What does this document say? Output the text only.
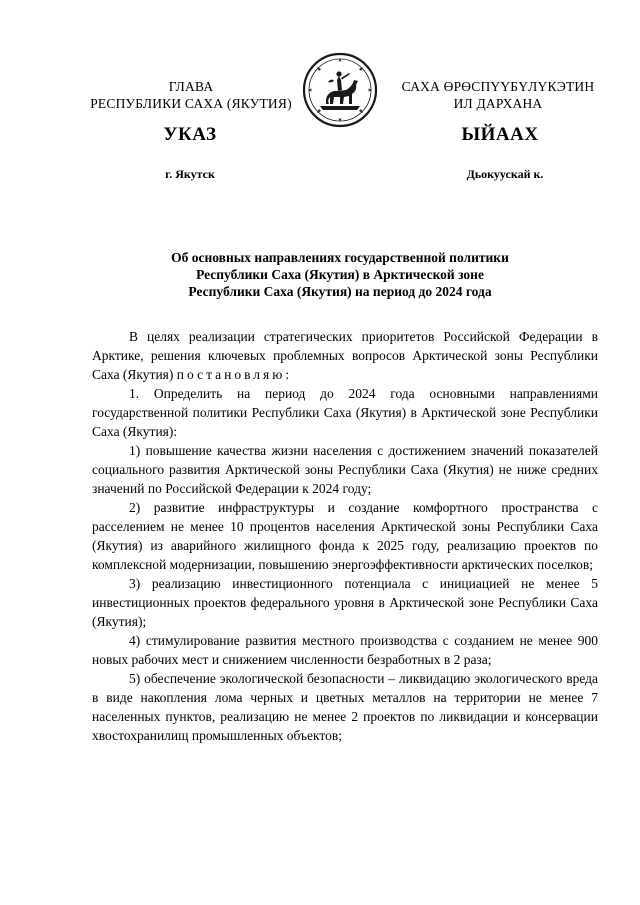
ГЛАВА
РЕСПУБЛИКИ САХА (ЯКУТИЯ)
САХА ӨРӨСПҮҮБҮЛҮКЭТИН
ИЛ ДАРХАНА
УКАЗ	ЫЙААХ
г. Якутск	Дьокуускай к.
Об основных направлениях государственной политики
Республики Саха (Якутия) в Арктической зоне
Республики Саха (Якутия) на период до 2024 года

В целях реализации стратегических приоритетов Российской Федерации в Арктике, решения ключевых проблемных вопросов Арктической зоны Республики Саха (Якутия) постановляю:

1. Определить на период до 2024 года основными направлениями государственной политики Республики Саха (Якутия) в Арктической зоне Республики Саха (Якутия):

1) повышение качества жизни населения с достижением значений показателей социального развития Арктической зоны Республики Саха (Якутия) не ниже средних значений по Российской Федерации к 2024 году;

2) развитие инфраструктуры и создание комфортного пространства с расселением не менее 10 процентов населения Арктической зоны Республики Саха (Якутия) из аварийного жилищного фонда к 2025 году, реализацию проектов по комплексной модернизации, повышению энергоэффективности арктических поселков;

3) реализацию инвестиционного потенциала с инициацией не менее 5 инвестиционных проектов федерального уровня в Арктической зоне Республики Саха (Якутия);

4) стимулирование развития местного производства с созданием не менее 900 новых рабочих мест и снижением численности безработных в 2 раза;

5) обеспечение экологической безопасности – ликвидацию экологического вреда в виде накопления лома черных и цветных металлов на территории не менее 7 населенных пунктов, реализацию не менее 2 проектов по ликвидации и консервации хвостохранилищ промышленных объектов;
